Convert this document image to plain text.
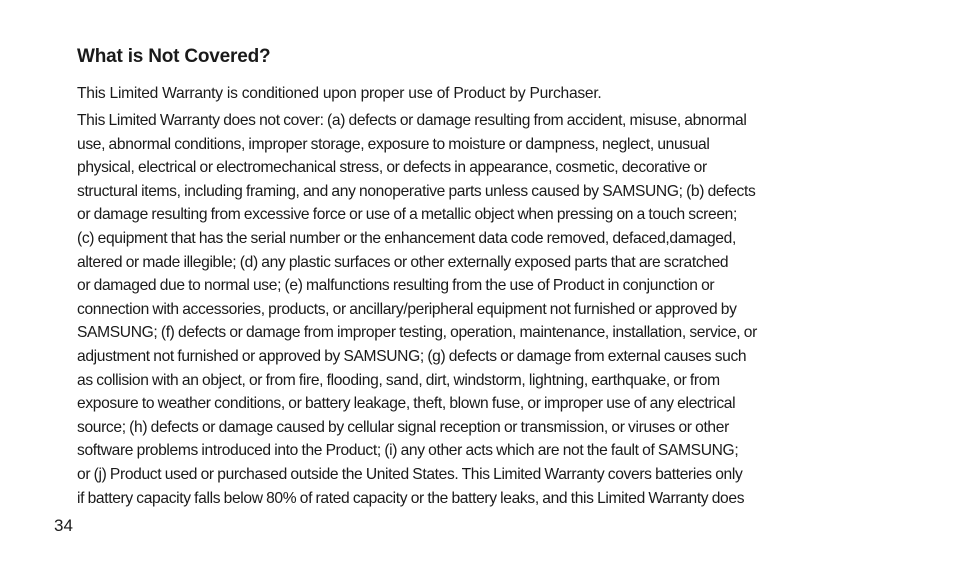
What is Not Covered?

This Limited Warranty is conditioned upon proper use of Product by Purchaser.

This Limited Warranty does not cover: (a) defects or damage resulting from accident, misuse, abnormal
use, abnormal conditions, improper storage, exposure to moisture or dampness, neglect, unusual
physical, electrical or electromechanical stress, or defects in appearance, cosmetic, decorative or
structural items, including framing, and any nonoperative parts unless caused by SAMSUNG; (b) defects
or damage resulting from excessive force or use of a metallic object when pressing on a touch screen;
(c) equipment that has the serial number or the enhancement data code removed, defaced,damaged,
altered or made illegible; (d) any plastic surfaces or other externally exposed parts that are scratched
or damaged due to normal use; (e) malfunctions resulting from the use of Product in conjunction or
connection with accessories, products, or ancillary/peripheral equipment not furnished or approved by
SAMSUNG; (f) defects or damage from improper testing, operation, maintenance, installation, service, or
adjustment not furnished or approved by SAMSUNG; (g) defects or damage from external causes such
as collision with an object, or from fire, flooding, sand, dirt, windstorm, lightning, earthquake, or from
exposure to weather conditions, or battery leakage, theft, blown fuse, or improper use of any electrical
source; (h) defects or damage caused by cellular signal reception or transmission, or viruses or other
software problems introduced into the Product; (i) any other acts which are not the fault of SAMSUNG;
or (j) Product used or purchased outside the United States. This Limited Warranty covers batteries only
if battery capacity falls below 80% of rated capacity or the battery leaks, and this Limited Warranty does

34
